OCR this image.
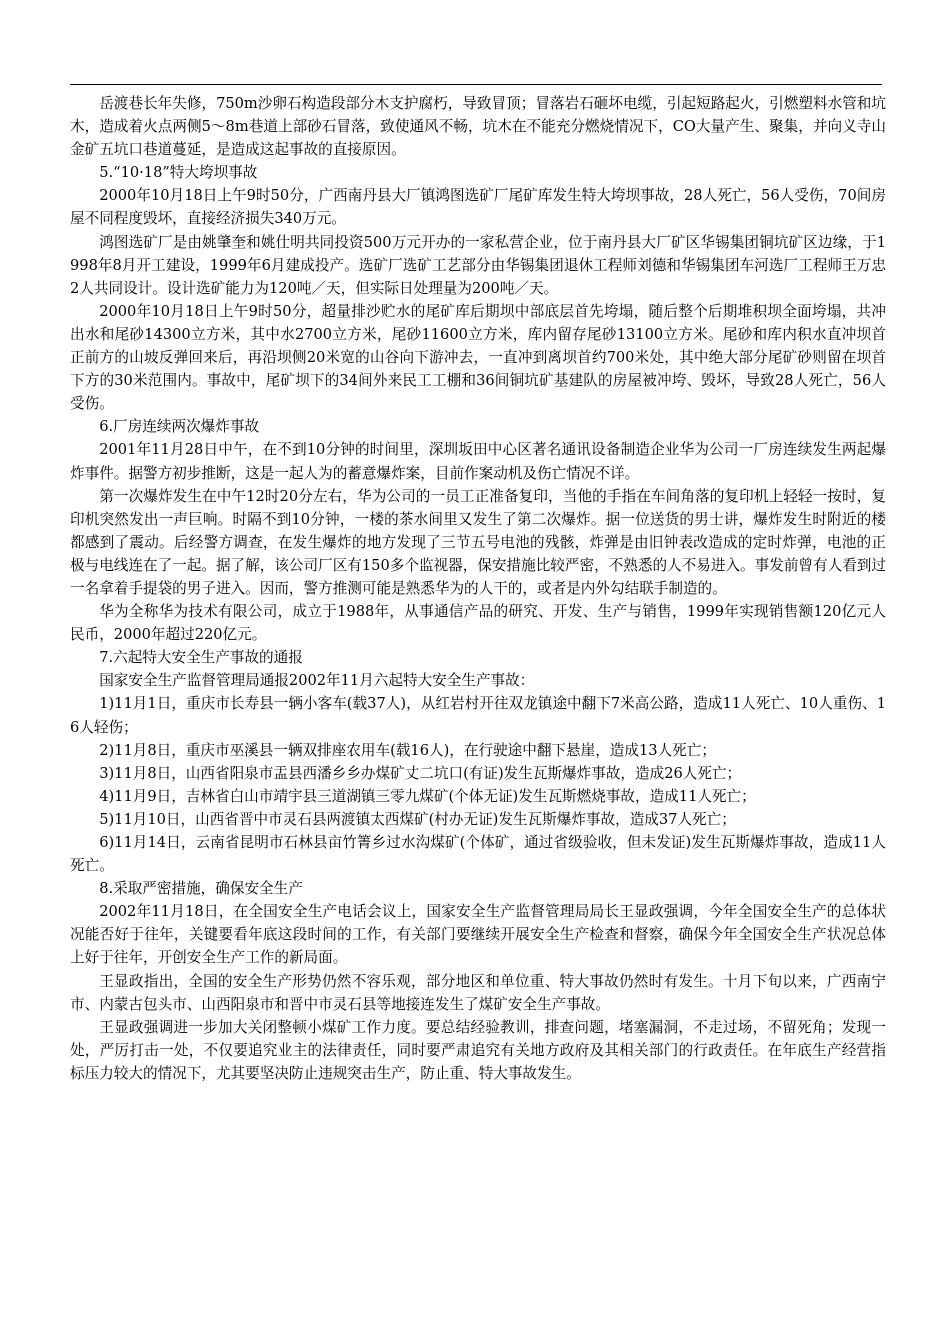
岳渡巷长年失修，750m沙卵石构造段部分木支护腐朽，导致冒顶；冒落岩石砸坏电缆，引起短路起火，引燃塑料水管和坑木，造成着火点两侧5～8m巷道上部砂石冒落，致使通风不畅，坑木在不能充分燃烧情况下，CO大量产生、聚集，并向义寺山金矿五坑口巷道蔓延，是造成这起事故的直接原因。

5.“10·18”特大垮坝事故

2000年10月18日上午9时50分，广西南丹县大厂镇鸿图选矿厂尾矿库发生特大垮坝事故，28人死亡，56人受伤，70间房屋不同程度毁坏，直接经济损失340万元。

鸿图选矿厂是由姚肇奎和姚仕明共同投资500万元开办的一家私营企业，位于南丹县大厂矿区华锡集团铜坑矿区边缘，于1998年8月开工建设，1999年6月建成投产。选矿厂选矿工艺部分由华锡集团退休工程师刘德和华锡集团车河选厂工程师王万忠2人共同设计。设计选矿能力为120吨／天，但实际日处理量为200吨／天。

2000年10月18日上午9时50分，超量排沙贮水的尾矿库后期坝中部底层首先垮塌，随后整个后期堆积坝全面垮塌，共冲出水和尾砂14300立方米，其中水2700立方米，尾砂11600立方米，库内留存尾砂13100立方米。尾砂和库内积水直冲坝首正前方的山坡反弹回来后，再沿坝侧20米宽的山谷向下游冲去，一直冲到离坝首约700米处，其中绝大部分尾矿砂则留在坝首下方的30米范围内。事故中，尾矿坝下的34间外来民工工棚和36间铜坑矿基建队的房屋被冲垮、毁坏，导致28人死亡，56人受伤。

6.厂房连续两次爆炸事故

2001年11月28日中午，在不到10分钟的时间里，深圳坂田中心区著名通讯设备制造企业华为公司一厂房连续发生两起爆炸事件。据警方初步推断，这是一起人为的蓄意爆炸案，目前作案动机及伤亡情况不详。

第一次爆炸发生在中午12时20分左右，华为公司的一员工正准备复印，当他的手指在车间角落的复印机上轻轻一按时，复印机突然发出一声巨响。时隔不到10分钟，一楼的茶水间里又发生了第二次爆炸。据一位送货的男士讲，爆炸发生时附近的楼都感到了震动。后经警方调查，在发生爆炸的地方发现了三节五号电池的残骸，炸弹是由旧钟表改造成的定时炸弹，电池的正极与电线连在了一起。据了解，该公司厂区有150多个监视器，保安措施比较严密，不熟悉的人不易进入。事发前曾有人看到过一名拿着手提袋的男子进入。因而，警方推测可能是熟悉华为的人干的，或者是内外勾结联手制造的。

华为全称华为技术有限公司，成立于1988年，从事通信产品的研究、开发、生产与销售，1999年实现销售额120亿元人民币，2000年超过220亿元。

7.六起特大安全生产事故的通报

国家安全生产监督管理局通报2002年11月六起特大安全生产事故：

1)11月1日，重庆市长寿县一辆小客车(载37人)，从红岩村开往双龙镇途中翻下7米高公路，造成11人死亡、10人重伤、16人轻伤；

2)11月8日，重庆市巫溪县一辆双排座农用车(载16人)，在行驶途中翻下悬崖，造成13人死亡；

3)11月8日，山西省阳泉市盂县西潘乡乡办煤矿丈二坑口(有证)发生瓦斯爆炸事故，造成26人死亡；

4)11月9日，吉林省白山市靖宇县三道湖镇三零九煤矿(个体无证)发生瓦斯燃烧事故，造成11人死亡；

5)11月10日，山西省晋中市灵石县两渡镇太西煤矿(村办无证)发生瓦斯爆炸事故，造成37人死亡；

6)11月14日，云南省昆明市石林县亩竹箐乡过水沟煤矿(个体矿，通过省级验收，但未发证)发生瓦斯爆炸事故，造成11人死亡。

8.采取严密措施，确保安全生产

2002年11月18日，在全国安全生产电话会议上，国家安全生产监督管理局局长王显政强调，今年全国安全生产的总体状况能否好于往年，关键要看年底这段时间的工作，有关部门要继续开展安全生产检查和督察，确保今年全国安全生产状况总体上好于往年，开创安全生产工作的新局面。

王显政指出，全国的安全生产形势仍然不容乐观，部分地区和单位重、特大事故仍然时有发生。十月下旬以来，广西南宁市、内蒙古包头市、山西阳泉市和晋中市灵石县等地接连发生了煤矿安全生产事故。

王显政强调进一步加大关闭整顿小煤矿工作力度。要总结经验教训，排查问题，堵塞漏洞，不走过场，不留死角；发现一处，严厉打击一处，不仅要追究业主的法律责任，同时要严肃追究有关地方政府及其相关部门的行政责任。在年底生产经营指标压力较大的情况下，尤其要坚决防止违规突击生产，防止重、特大事故发生。
